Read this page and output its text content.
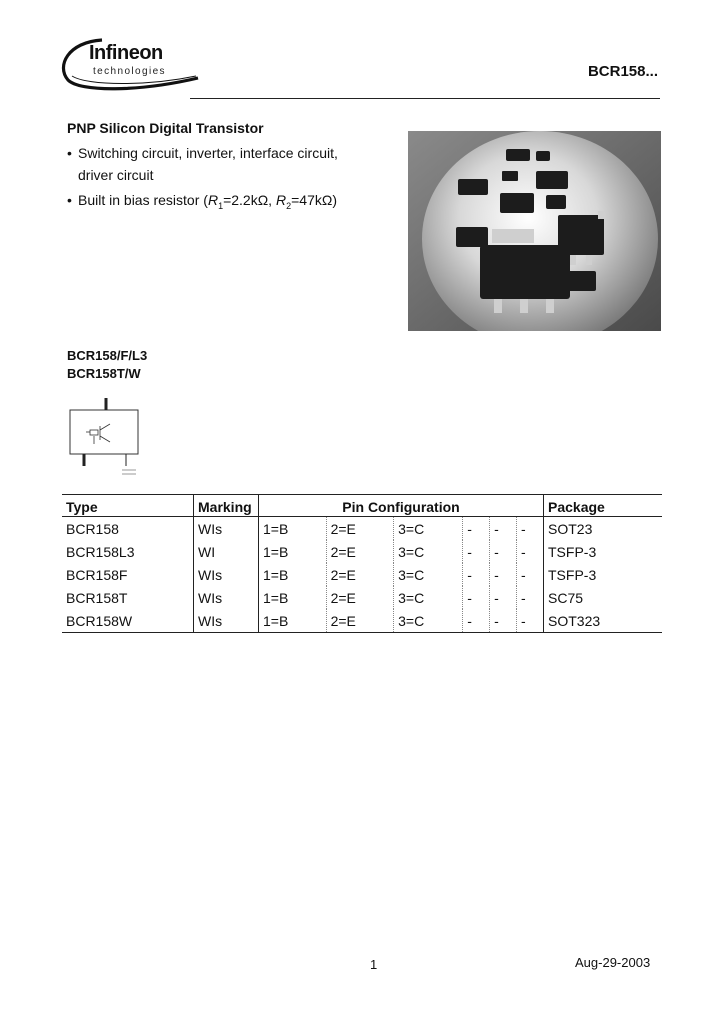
Infineon
technologies	BCR158...
PNP Silicon Digital Transistor
• Switching circuit, inverter, interface circuit,
driver circuit
• Built in bias resistor ($R_1=2.2k\Omega$, $R_2=47k\Omega$)
BCR158/F/L3
BCR158T/W
Type	Marking	Pin Configuration						Package
BCR158	WIs	1=B	2=E	3=C	-	-	-	SOT23
BCR158L3	WI	1=B	2=E	3=C	-	-	-	TSFP-3
BCR158F	WIs	1=B	2=E	3=C	-	-	-	TSFP-3
BCR158T	WIs	1=B	2=E	3=C	-	-	-	SC75
BCR158W	WIs	1=B	2=E	3=C	-	-	-	SOT323
1	Aug-29-2003
